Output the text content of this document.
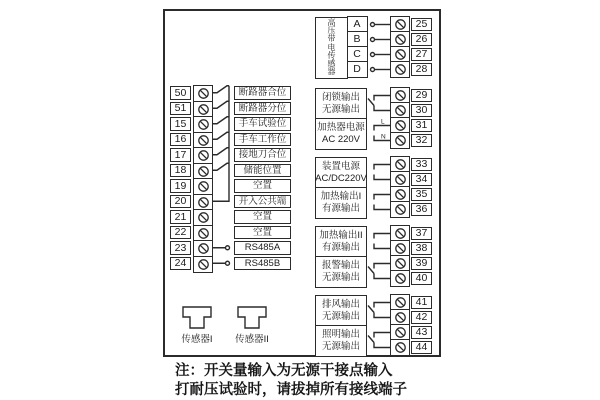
50
51
15
16
17
18
19
20
21
22
23
24
断路器合位
断路器分位
手车试验位
手车工作位
接地刀合位
储能位置
空置
开入公共端
空置
空置
RS485A
RS485B
高压带电传感器
A
B
C
D
25
26
27
28
闭锁输出
无源输出
加热器电源
AC 220V
L
N
29
30
31
32
装置电源
AC/DC220V
加热输出I
有源输出
33
34
35
36
加热输出II
有源输出
报警输出
无源输出
37
38
39
40
排风输出
无源输出
照明输出
无源输出
41
42
43
44
传感器I	传感器II
注：开关量输入为无源干接点输入
打耐压试验时，请拔掉所有接线端子
